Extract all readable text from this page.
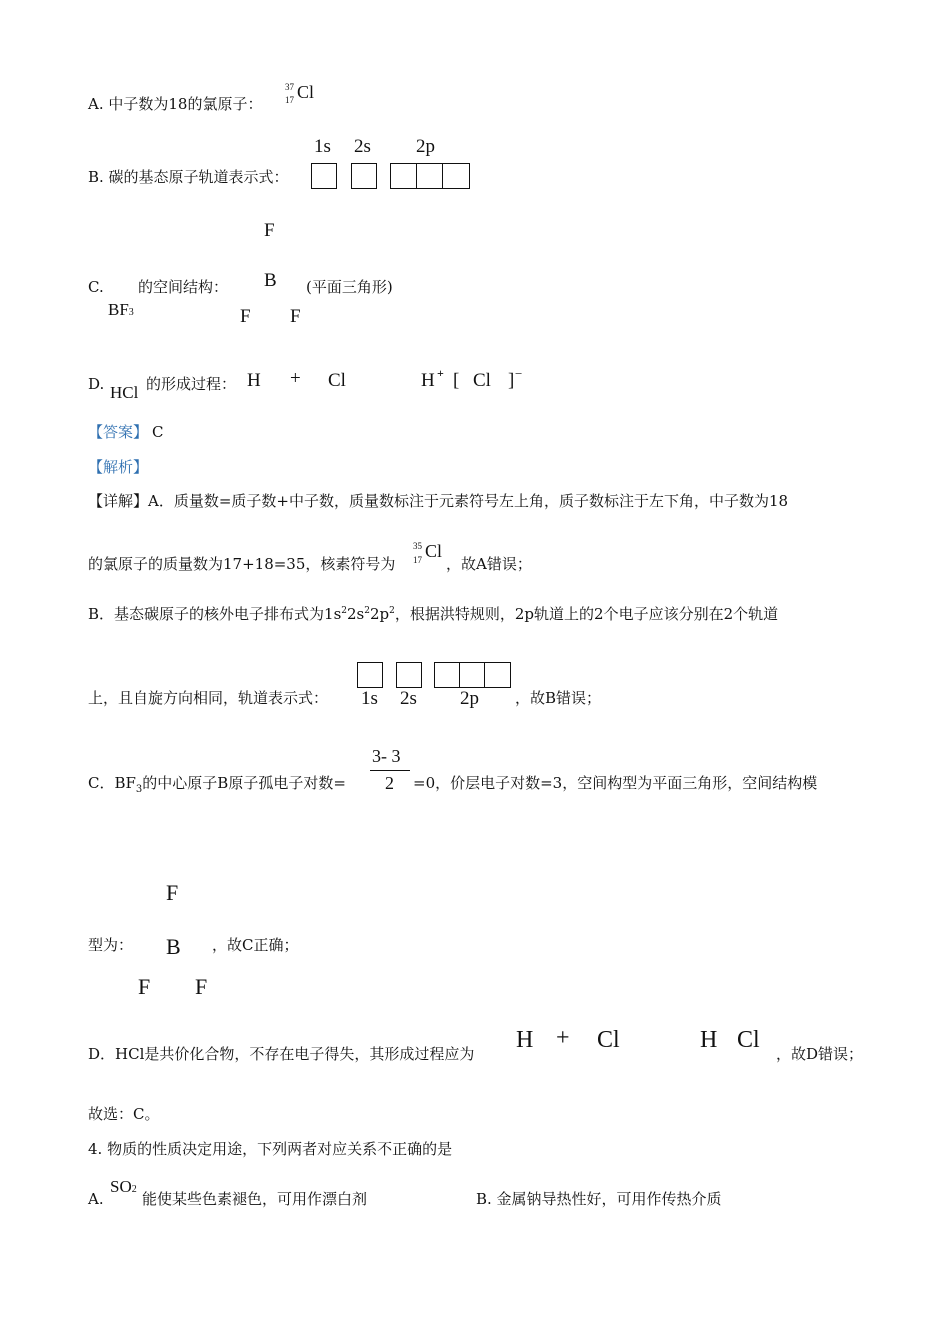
A. 中子数为18的氯原子：
37
17 Cl
B. 碳的基态原子轨道表示式：
1s 2s 2p
C.
BF3
的空间结构：
F
B
F F
(平面三角形)
D. HCl 的形成过程： H + Cl	H + [ Cl ] −
【答案】 C
【解析】
【详解】A．质量数=质子数+中子数，质量数标注于元素符号左上角，质子数标注于左下角，中子数为18
的氯原子的质量数为17+18=35，核素符号为
35
17 Cl
，故A错误；
B．基态碳原子的核外电子排布式为$1s^22s^22p^2$，根据洪特规则，2p轨道上的2个电子应该分别在2个轨道
上，且自旋方向相同，轨道表示式： 1s 2s 2p ，故B错误；
C．$BF_3$的中心原子B原子孤电子对数=
3- 3
2 =0，价层电子对数=3，空间构型为平面三角形，空间结构模
型为：
F
B
F F
，故C正确；
D．HCl是共价化合物，不存在电子得失，其形成过程应为
H + Cl	H Cl
，故D错误；
故选：C。
4. 物质的性质决定用途，下列两者对应关系不正确的是
A.
SO2
能使某些色素褪色，可用作漂白剂	B. 金属钠导热性好，可用作传热介质
